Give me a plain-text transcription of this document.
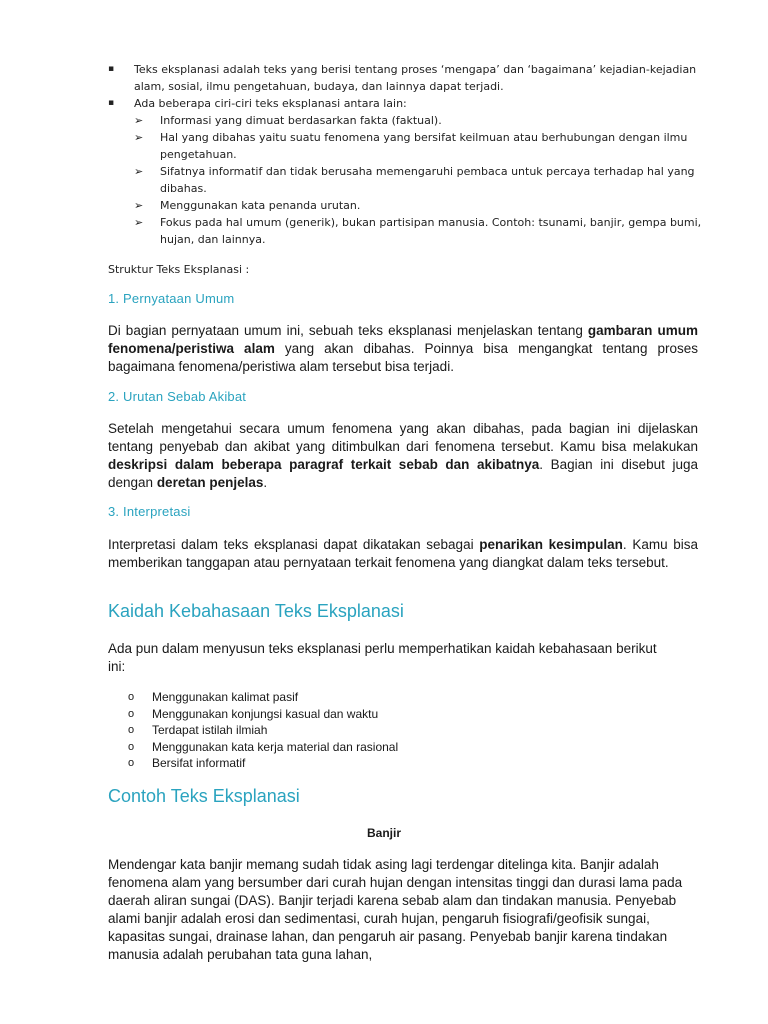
▪ Teks eksplanasi adalah teks yang berisi tentang proses ‘mengapa’ dan ‘bagaimana’ kejadian-kejadian alam, sosial, ilmu pengetahuan, budaya, dan lainnya dapat terjadi.
▪ Ada beberapa ciri-ciri teks eksplanasi antara lain:
➢ Informasi yang dimuat berdasarkan fakta (faktual).
➢ Hal yang dibahas yaitu suatu fenomena yang bersifat keilmuan atau berhubungan dengan ilmu pengetahuan.
➢ Sifatnya informatif dan tidak berusaha memengaruhi pembaca untuk percaya terhadap hal yang dibahas.
➢ Menggunakan kata penanda urutan.
➢ Fokus pada hal umum (generik), bukan partisipan manusia. Contoh: tsunami, banjir, gempa bumi, hujan, dan lainnya.
Struktur Teks Eksplanasi :
1. Pernyataan Umum

Di bagian pernyataan umum ini, sebuah teks eksplanasi menjelaskan tentang gambaran umum fenomena/peristiwa alam yang akan dibahas. Poinnya bisa mengangkat tentang proses bagaimana fenomena/peristiwa alam tersebut bisa terjadi.

2. Urutan Sebab Akibat

Setelah mengetahui secara umum fenomena yang akan dibahas, pada bagian ini dijelaskan tentang penyebab dan akibat yang ditimbulkan dari fenomena tersebut. Kamu bisa melakukan deskripsi dalam beberapa paragraf terkait sebab dan akibatnya. Bagian ini disebut juga dengan deretan penjelas.

3. Interpretasi

Interpretasi dalam teks eksplanasi dapat dikatakan sebagai penarikan kesimpulan. Kamu bisa memberikan tanggapan atau pernyataan terkait fenomena yang diangkat dalam teks tersebut.

Kaidah Kebahasaan Teks Eksplanasi

Ada pun dalam menyusun teks eksplanasi perlu memperhatikan kaidah kebahasaan berikut ini:

o Menggunakan kalimat pasif
o Menggunakan konjungsi kasual dan waktu
o Terdapat istilah ilmiah
o Menggunakan kata kerja material dan rasional
o Bersifat informatif
Contoh Teks Eksplanasi

Banjir

Mendengar kata banjir memang sudah tidak asing lagi terdengar ditelinga kita. Banjir adalah fenomena alam yang bersumber dari curah hujan dengan intensitas tinggi dan durasi lama pada daerah aliran sungai (DAS). Banjir terjadi karena sebab alam dan tindakan manusia. Penyebab alami banjir adalah erosi dan sedimentasi, curah hujan, pengaruh fisiografi/geofisik sungai, kapasitas sungai, drainase lahan, dan pengaruh air pasang. Penyebab banjir karena tindakan manusia adalah perubahan tata guna lahan,
